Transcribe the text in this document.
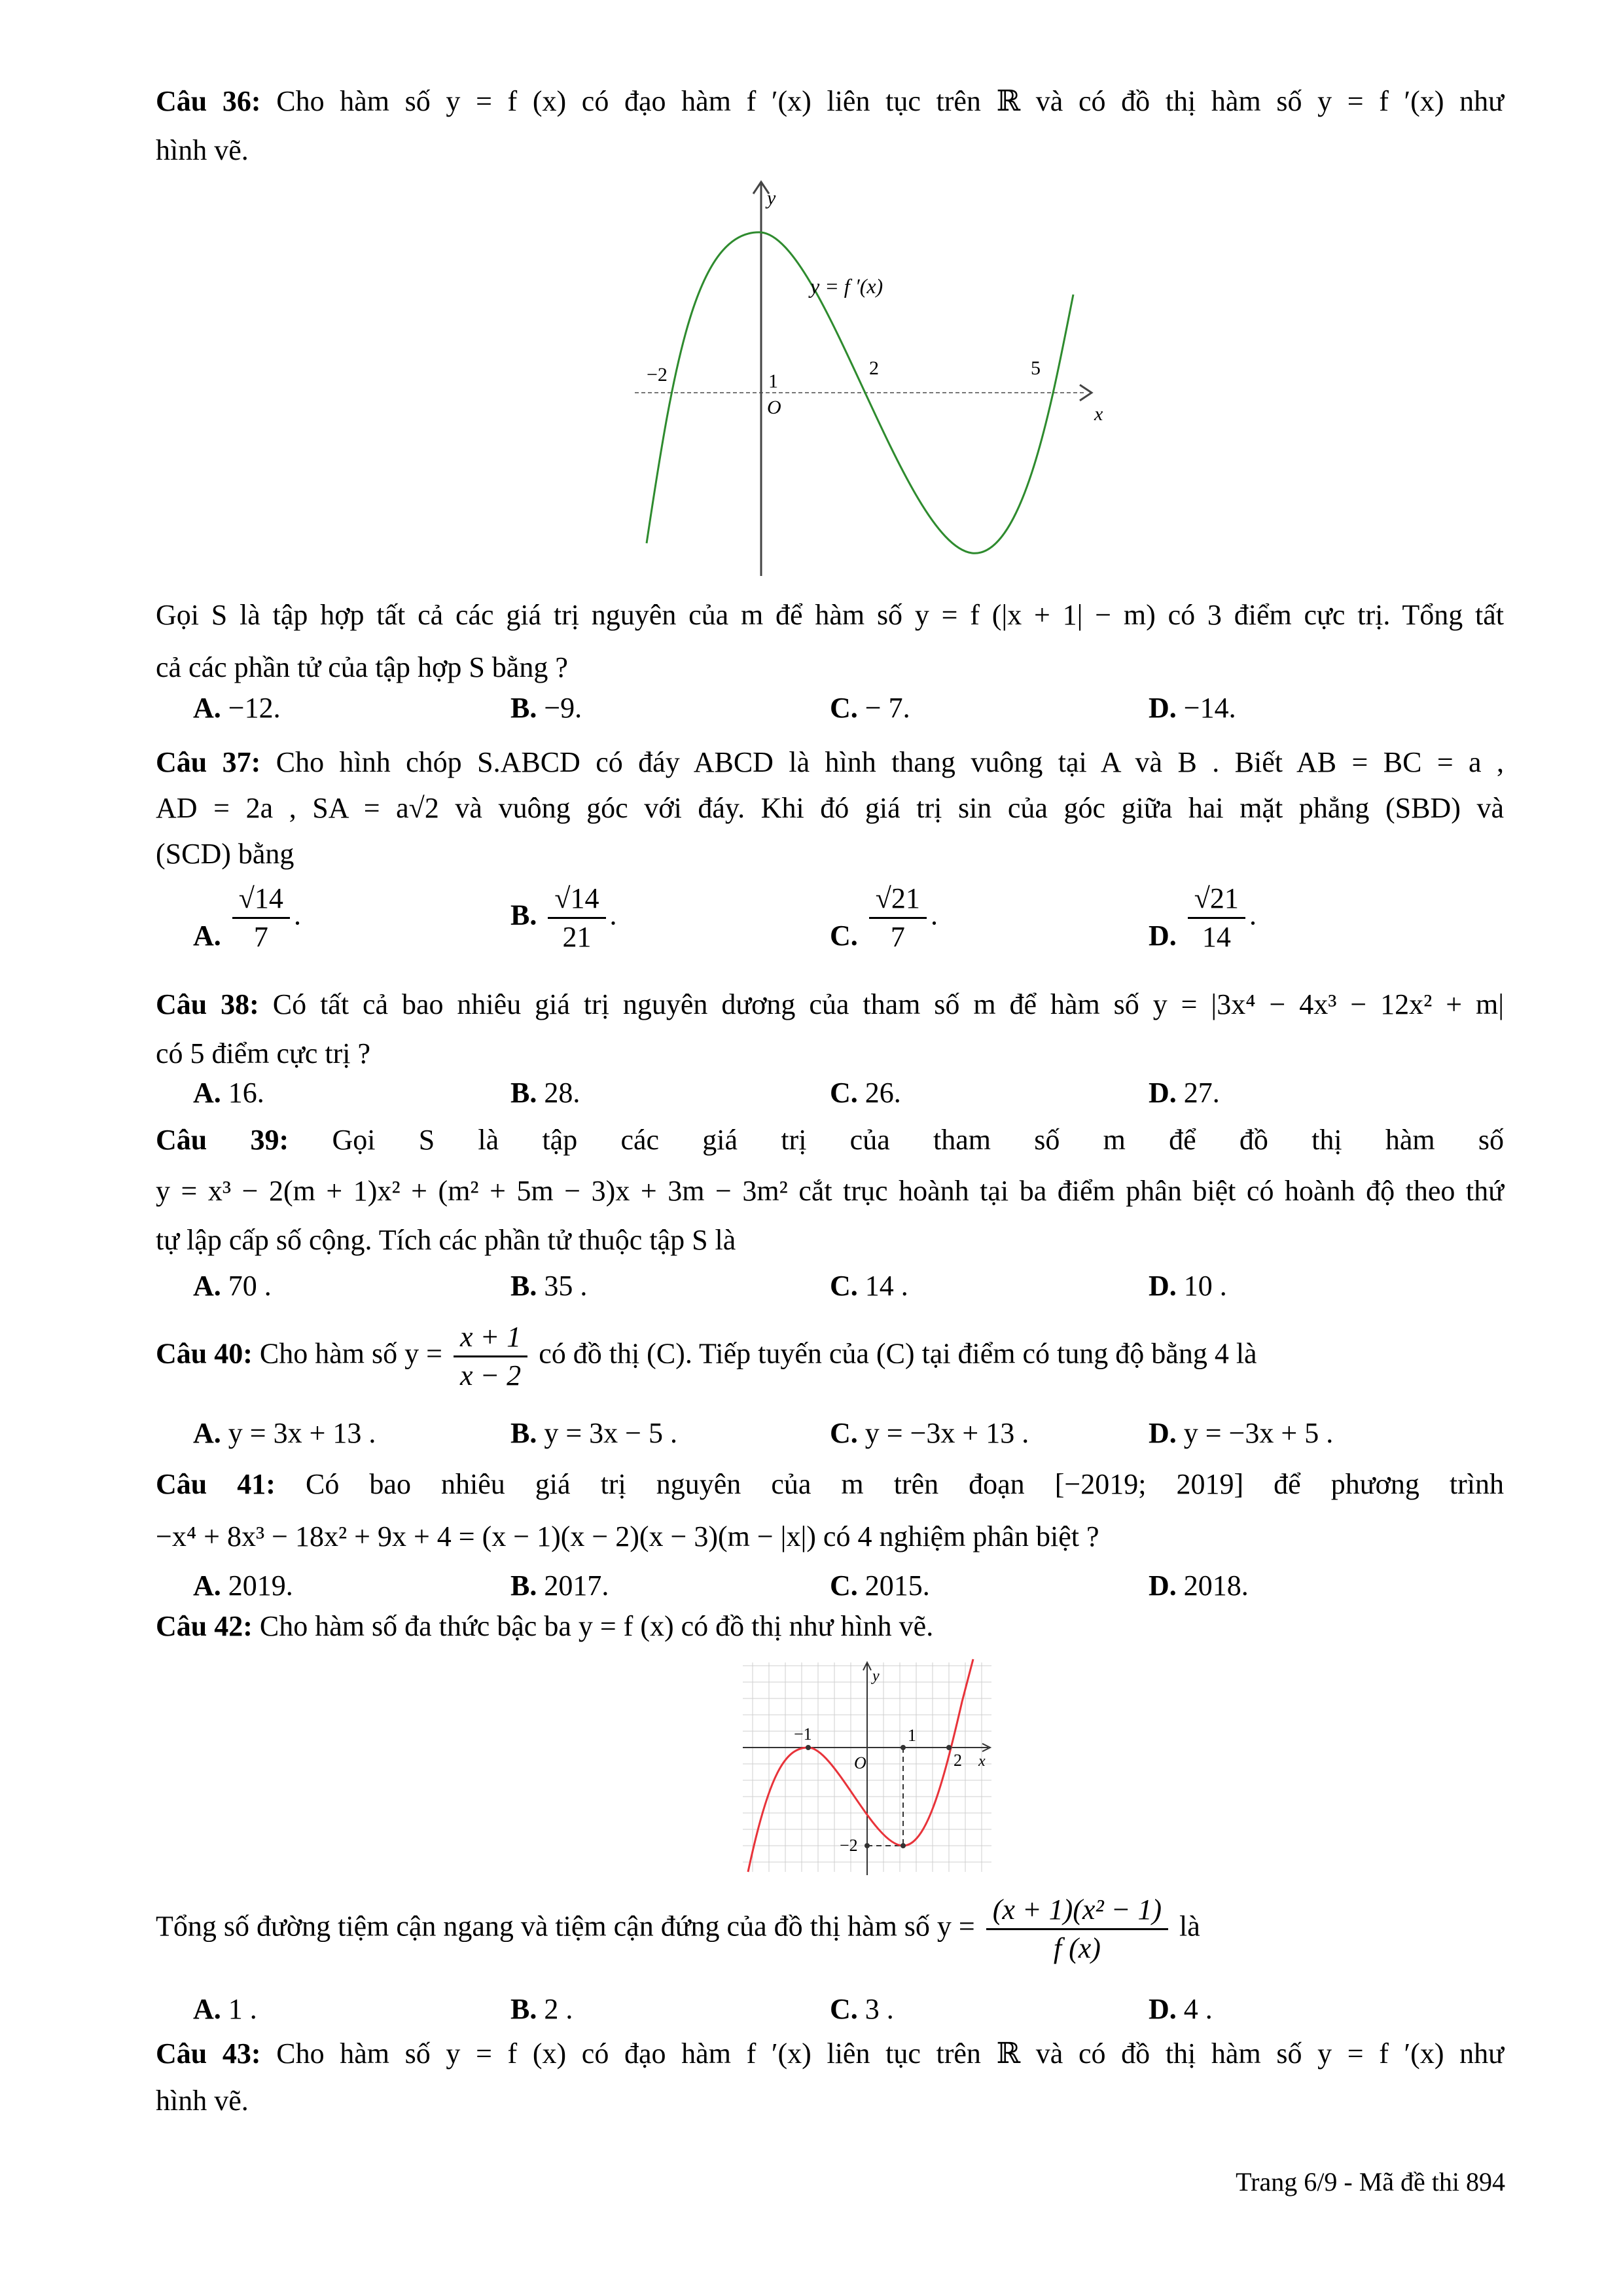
Câu 36: Cho hàm số y = f (x) có đạo hàm f ′(x) liên tục trên ℝ và có đồ thị hàm số y = f ′(x) như
hình vẽ.
y
x
y = f ′(x)
−2	1
2	5
O
Gọi S là tập hợp tất cả các giá trị nguyên của m để hàm số y = f (|x + 1| − m) có 3 điểm cực trị. Tổng tất
cả các phần tử của tập hợp S bằng ?
A. −12.	B. −9.	C. − 7.	D. −14.
Câu 37: Cho hình chóp S.ABCD có đáy ABCD là hình thang vuông tại A và B . Biết AB = BC = a ,
AD = 2a , SA = a√2 và vuông góc với đáy. Khi đó giá trị sin của góc giữa hai mặt phẳng (SBD) và
(SCD) bằng
A. $\frac{√14}{7}$ .	B. $\frac{√14}{21}$ .
C. $\frac{√21}{7}$ .
D. $\frac{√21}{14}$ .
Câu 38: Có tất cả bao nhiêu giá trị nguyên dương của tham số m để hàm số y = |3x⁴ − 4x³ − 12x² + m|
có 5 điểm cực trị ?
A. 16.	B. 28.	C. 26.	D. 27.
Câu 39: Gọi S là tập các giá trị của tham số m để đồ thị hàm số
y = x³ − 2(m + 1)x² + (m² + 5m − 3)x + 3m − 3m² cắt trục hoành tại ba điểm phân biệt có hoành độ theo thứ
tự lập cấp số cộng. Tích các phần tử thuộc tập S là
A. 70 .	B. 35 .	C. 14 .	D. 10 .
Câu 40: Cho hàm số $y = \frac{x + 1}{x - 2}$ có đồ thị (C). Tiếp tuyến của (C) tại điểm có tung độ bằng 4 là
A. y = 3x + 13 .	B. y = 3x − 5 .	C. y = −3x + 13 .	D. y = −3x + 5 .
Câu 41: Có bao nhiêu giá trị nguyên của m trên đoạn [−2019; 2019] để phương trình
−x⁴ + 8x³ − 18x² + 9x + 4 = (x − 1)(x − 2)(x − 3)(m − |x|) có 4 nghiệm phân biệt ?
A. 2019.	B. 2017.	C. 2015.	D. 2018.
Câu 42: Cho hàm số đa thức bậc ba y = f (x) có đồ thị như hình vẽ.
y
x
−1	1
2
−2
O
Tổng số đường tiệm cận ngang và tiệm cận đứng của đồ thị hàm số $y = \frac{\text{(x + 1)(x² − 1)}}{f (x)}$ là
A. 1 .	B. 2 .	C. 3 .	D. 4 .
Câu 43: Cho hàm số y = f (x) có đạo hàm f ′(x) liên tục trên ℝ và có đồ thị hàm số y = f ′(x) như
hình vẽ.
Trang 6/9 - Mã đề thi 894
